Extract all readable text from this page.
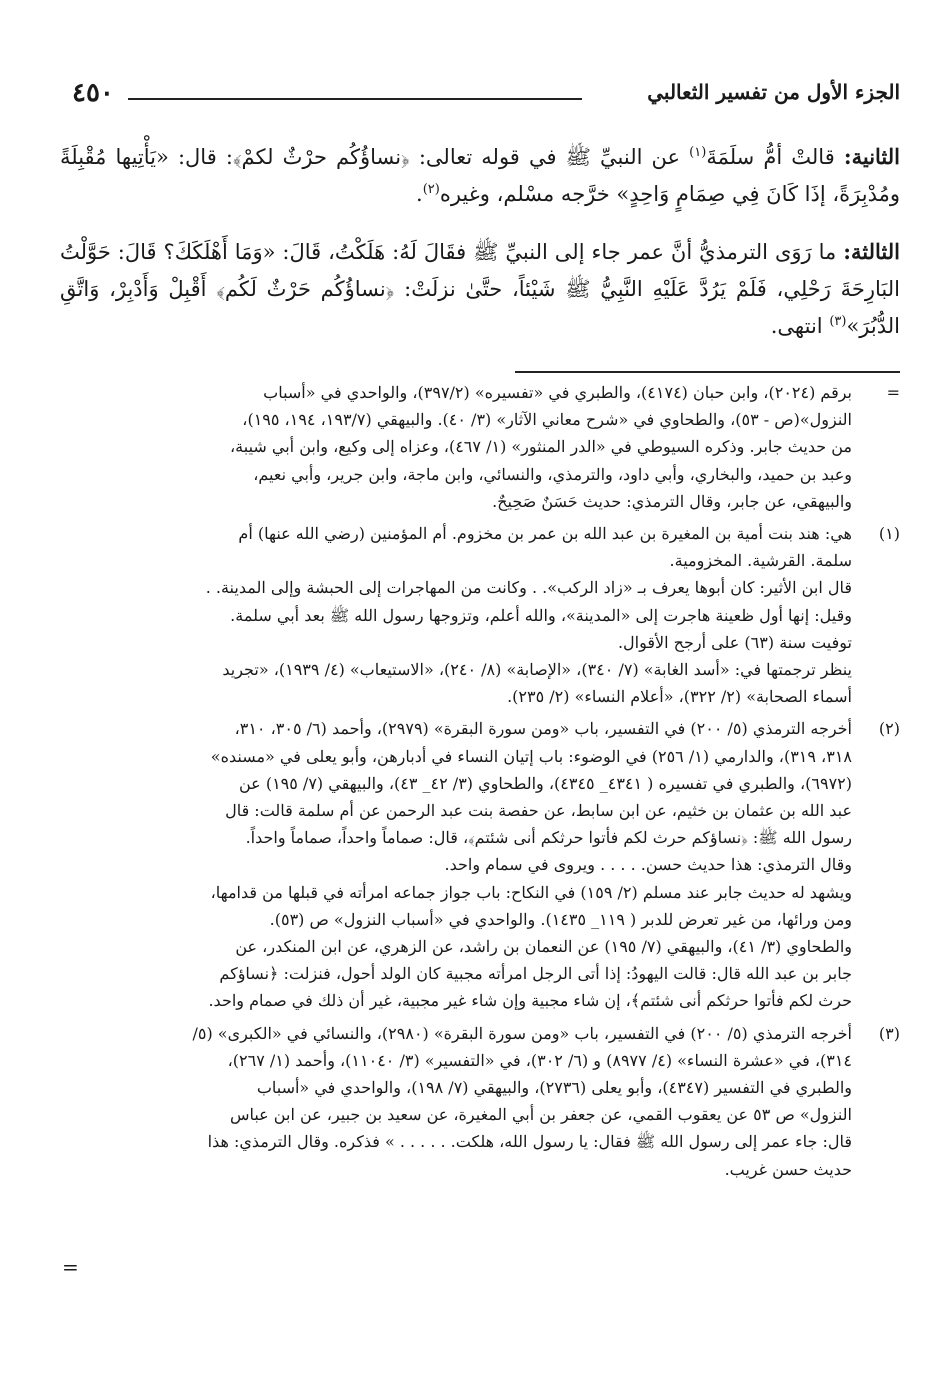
٤٥٠	الجزء الأول من تفسير الثعالبي

الثانية: قالتْ أمُّ سلَمَةَ$^{(١)}$ عن النبيِّ ﷺ في قوله تعالى: ﴿نساؤُكُم حرْثٌ لكمْ﴾: قال: «يَأْتِيها مُقْبِلَةً ومُدْبِرَةً، إذَا كَانَ فِي صِمَامٍ وَاحِدٍ» خرَّجه مسْلم، وغيره$^{(٢)}$.

الثالثة: ما رَوَى الترمذيُّ أنَّ عمر جاء إلى النبيِّ ﷺ فقَالَ لَهُ: هَلَكْتُ، قَالَ: «وَمَا أَهْلَكَكَ؟ قَالَ: حَوَّلْتُ البَارِحَةَ رَحْلِي، فَلَمْ يَرُدَّ عَلَيْهِ النَّبِيُّ ﷺ شَيْئاً، حتَّىٰ نزلَتْ: ﴿نساؤُكُم حَرْثٌ لَكُم﴾ أَقْبِلْ وَأَدْبِرْ، وَاتَّقِ الدُّبُرَ»$^{(٣)}$ انتهى.

=
برقم (٢٠٢٤)، وابن حبان (٤١٧٤)، والطبري في «تفسيره» (٣٩٧/٢)، والواحدي في «أسباب
النزول»(ص - ٥٣)، والطحاوي في «شرح معاني الآثار» (٣/ ٤٠). والبيهقي (١٩٣/٧، ١٩٤، ١٩٥)،
من حديث جابر. وذكره السيوطي في «الدر المنثور» (١/ ٤٦٧)، وعزاه إلى وكيع، وابن أبي شيبة،
وعبد بن حميد، والبخاري، وأبي داود، والترمذي، والنسائي، وابن ماجة، وابن جرير، وأبي نعيم،
والبيهقي، عن جابر، وقال الترمذي: حديث حَسَنٌ صَحِيحٌ.
(١)
هي: هند بنت أمية بن المغيرة بن عبد الله بن عمر بن مخزوم. أم المؤمنين (رضي الله عنها) أم
سلمة. القرشية. المخزومية.
قال ابن الأثير: كان أبوها يعرف بـ «زاد الركب». . وكانت من المهاجرات إلى الحبشة وإلى المدينة. .
وقيل: إنها أول ظعينة هاجرت إلى «المدينة»، والله أعلم، وتزوجها رسول الله ﷺ بعد أبي سلمة.
توفيت سنة (٦٣) على أرجح الأقوال.
ينظر ترجمتها في: «أسد الغابة» (٧/ ٣٤٠)، «الإصابة» (٨/ ٢٤٠)، «الاستيعاب» (٤/ ١٩٣٩)، «تجريد
أسماء الصحابة» (٢/ ٣٢٢)، «أعلام النساء» (٢/ ٢٣٥).
(٢)
أخرجه الترمذي (٥/ ٢٠٠) في التفسير، باب «ومن سورة البقرة» (٢٩٧٩)، وأحمد (٦/ ٣٠٥، ٣١٠،
٣١٨، ٣١٩)، والدارمي (١/ ٢٥٦) في الوضوء: باب إتيان النساء في أدبارهن، وأبو يعلى في «مسنده»
(٦٩٧٢)، والطبري في تفسيره ( ٤٣٤١_ ٤٣٤٥)، والطحاوي (٣/ ٤٢_ ٤٣)، والبيهقي (٧/ ١٩٥) عن
عبد الله بن عثمان بن خثيم، عن ابن سابط، عن حفصة بنت عبد الرحمن عن أم سلمة قالت: قال
رسول الله ﷺ: ﴿نساؤكم حرث لكم فأتوا حرثكم أنى شئتم﴾، قال: صماماً واحداً، صماماً واحداً.
وقال الترمذي: هذا حديث حسن. . . . . ويروى في سمام واحد.
ويشهد له حديث جابر عند مسلم (٢/ ١٥٩) في النكاح: باب جواز جماعه امرأته في قبلها من قدامها،
ومن ورائها، من غير تعرض للدبر ( ١١٩_ ١٤٣٥). والواحدي في «أسباب النزول» ص (٥٣).
والطحاوي (٣/ ٤١)، والبيهقي (٧/ ١٩٥) عن النعمان بن راشد، عن الزهري، عن ابن المنكدر، عن
جابر بن عبد الله قال: قالت اليهودُ: إذا أتى الرجل امرأته مجبية كان الولد أحول، فنزلت: ﴿نساؤكم
حرث لكم فأتوا حرثكم أنى شئتم﴾، إن شاء مجبية وإن شاء غير مجبية، غير أن ذلك في صمام واحد.
(٣)
أخرجه الترمذي (٥/ ٢٠٠) في التفسير، باب «ومن سورة البقرة» (٢٩٨٠)، والنسائي في «الكبرى» (٥/
٣١٤)، في «عشرة النساء» (٤/ ٨٩٧٧) و (٦/ ٣٠٢)، في «التفسير» (٣/ ١١٠٤٠)، وأحمد (١/ ٢٦٧)،
والطبري في التفسير (٤٣٤٧)، وأبو يعلى (٢٧٣٦)، والبيهقي (٧/ ١٩٨)، والواحدي في «أسباب
النزول» ص ٥٣ عن يعقوب القمي، عن جعفر بن أبي المغيرة، عن سعيد بن جبير، عن ابن عباس
قال: جاء عمر إلى رسول الله ﷺ فقال: يا رسول الله، هلكت. . . . . . » فذكره. وقال الترمذي: هذا
حديث حسن غريب.
=
